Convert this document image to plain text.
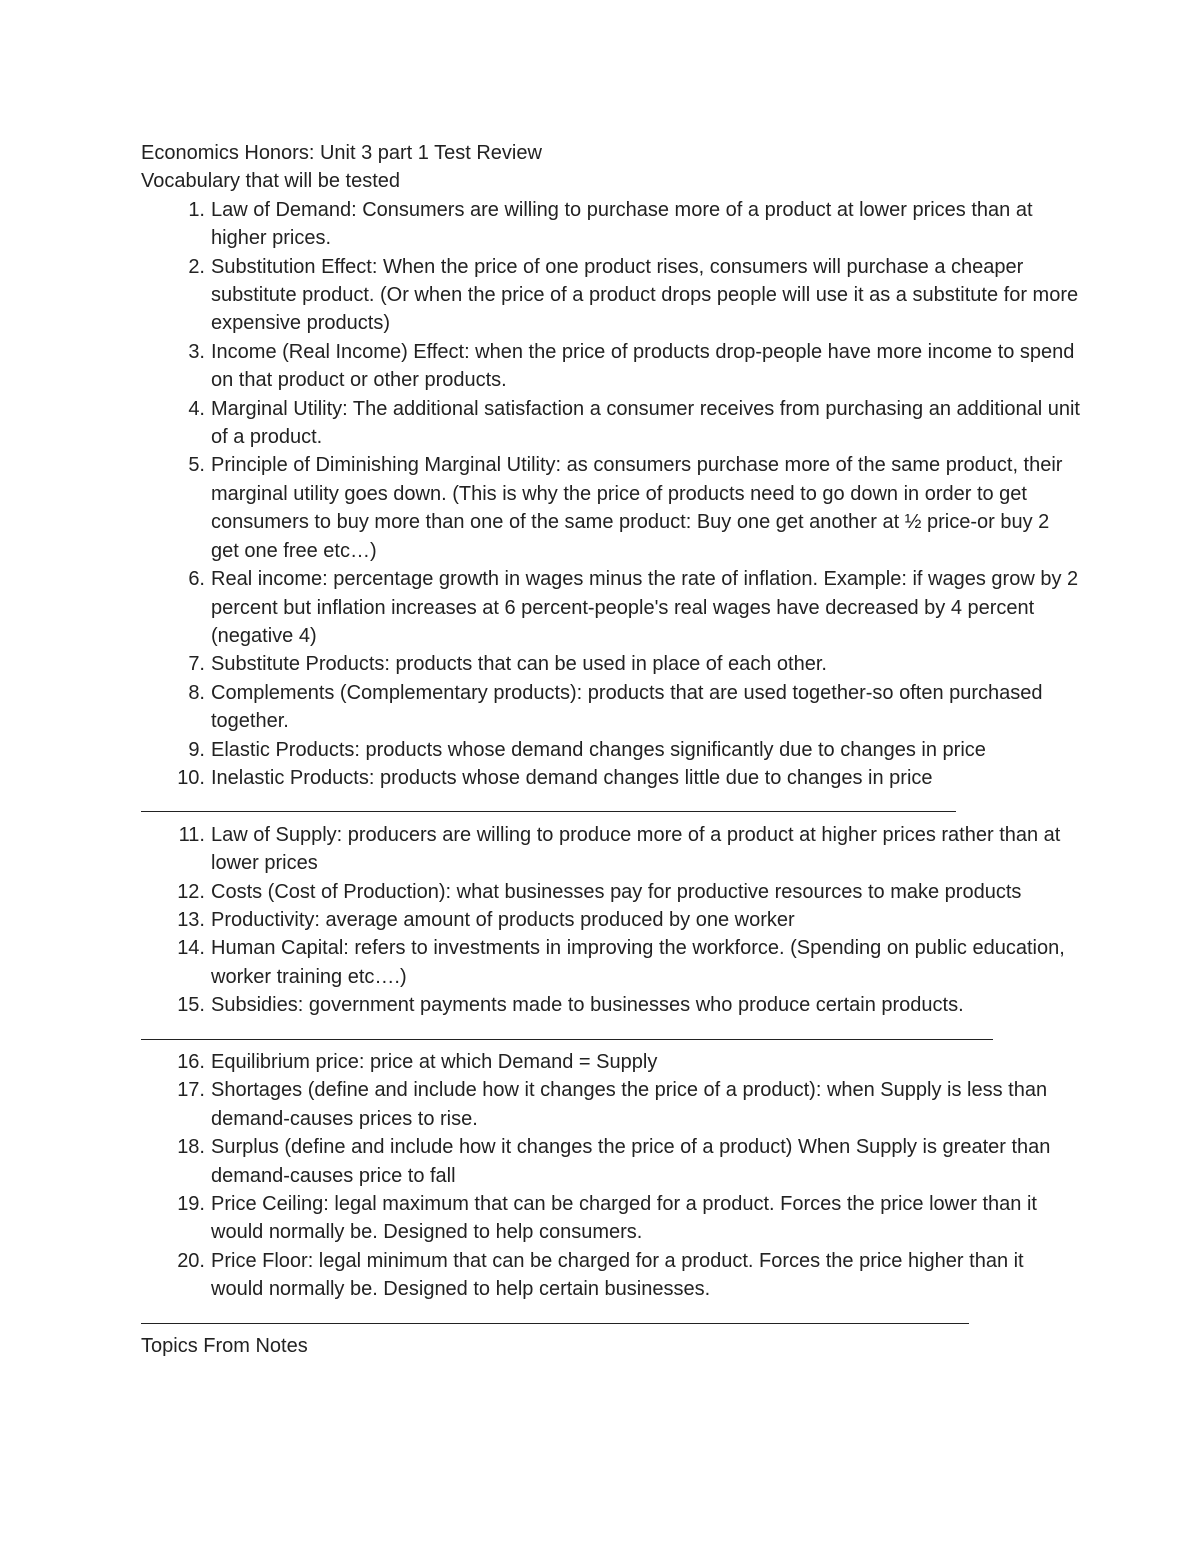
Economics Honors: Unit 3 part 1 Test Review
Vocabulary that will be tested
1. Law of Demand: Consumers are willing to purchase more of a product at lower prices than at higher prices.
2. Substitution Effect: When the price of one product rises, consumers will purchase a cheaper substitute product. (Or when the price of a product drops people will use it as a substitute for more expensive products)
3. Income (Real Income) Effect: when the price of products drop-people have more income to spend on that product or other products.
4. Marginal Utility: The additional satisfaction a consumer receives from purchasing an additional unit of a product.
5. Principle of Diminishing Marginal Utility: as consumers purchase more of the same product, their marginal utility goes down. (This is why the price of products need to go down in order to get consumers to buy more than one of the same product: Buy one get another at ½ price-or buy 2 get one free etc…)
6. Real income: percentage growth in wages minus the rate of inflation. Example: if wages grow by 2 percent but inflation increases at 6 percent-people's real wages have decreased by 4 percent (negative 4)
7. Substitute Products: products that can be used in place of each other.
8. Complements (Complementary products): products that are used together-so often purchased together.
9. Elastic Products: products whose demand changes significantly due to changes in price
10. Inelastic Products: products whose demand changes little due to changes in price
11. Law of Supply: producers are willing to produce more of a product at higher prices rather than at lower prices
12. Costs (Cost of Production): what businesses pay for productive resources to make products
13. Productivity: average amount of products produced by one worker
14. Human Capital: refers to investments in improving the workforce. (Spending on public education, worker training etc….)
15. Subsidies: government payments made to businesses who produce certain products.
16. Equilibrium price: price at which Demand = Supply
17. Shortages (define and include how it changes the price of a product): when Supply is less than demand-causes prices to rise.
18. Surplus (define and include how it changes the price of a product) When Supply is greater than demand-causes price to fall
19. Price Ceiling: legal maximum that can be charged for a product. Forces the price lower than it would normally be. Designed to help consumers.
20. Price Floor: legal minimum that can be charged for a product. Forces the price higher than it would normally be. Designed to help certain businesses.
Topics From Notes
